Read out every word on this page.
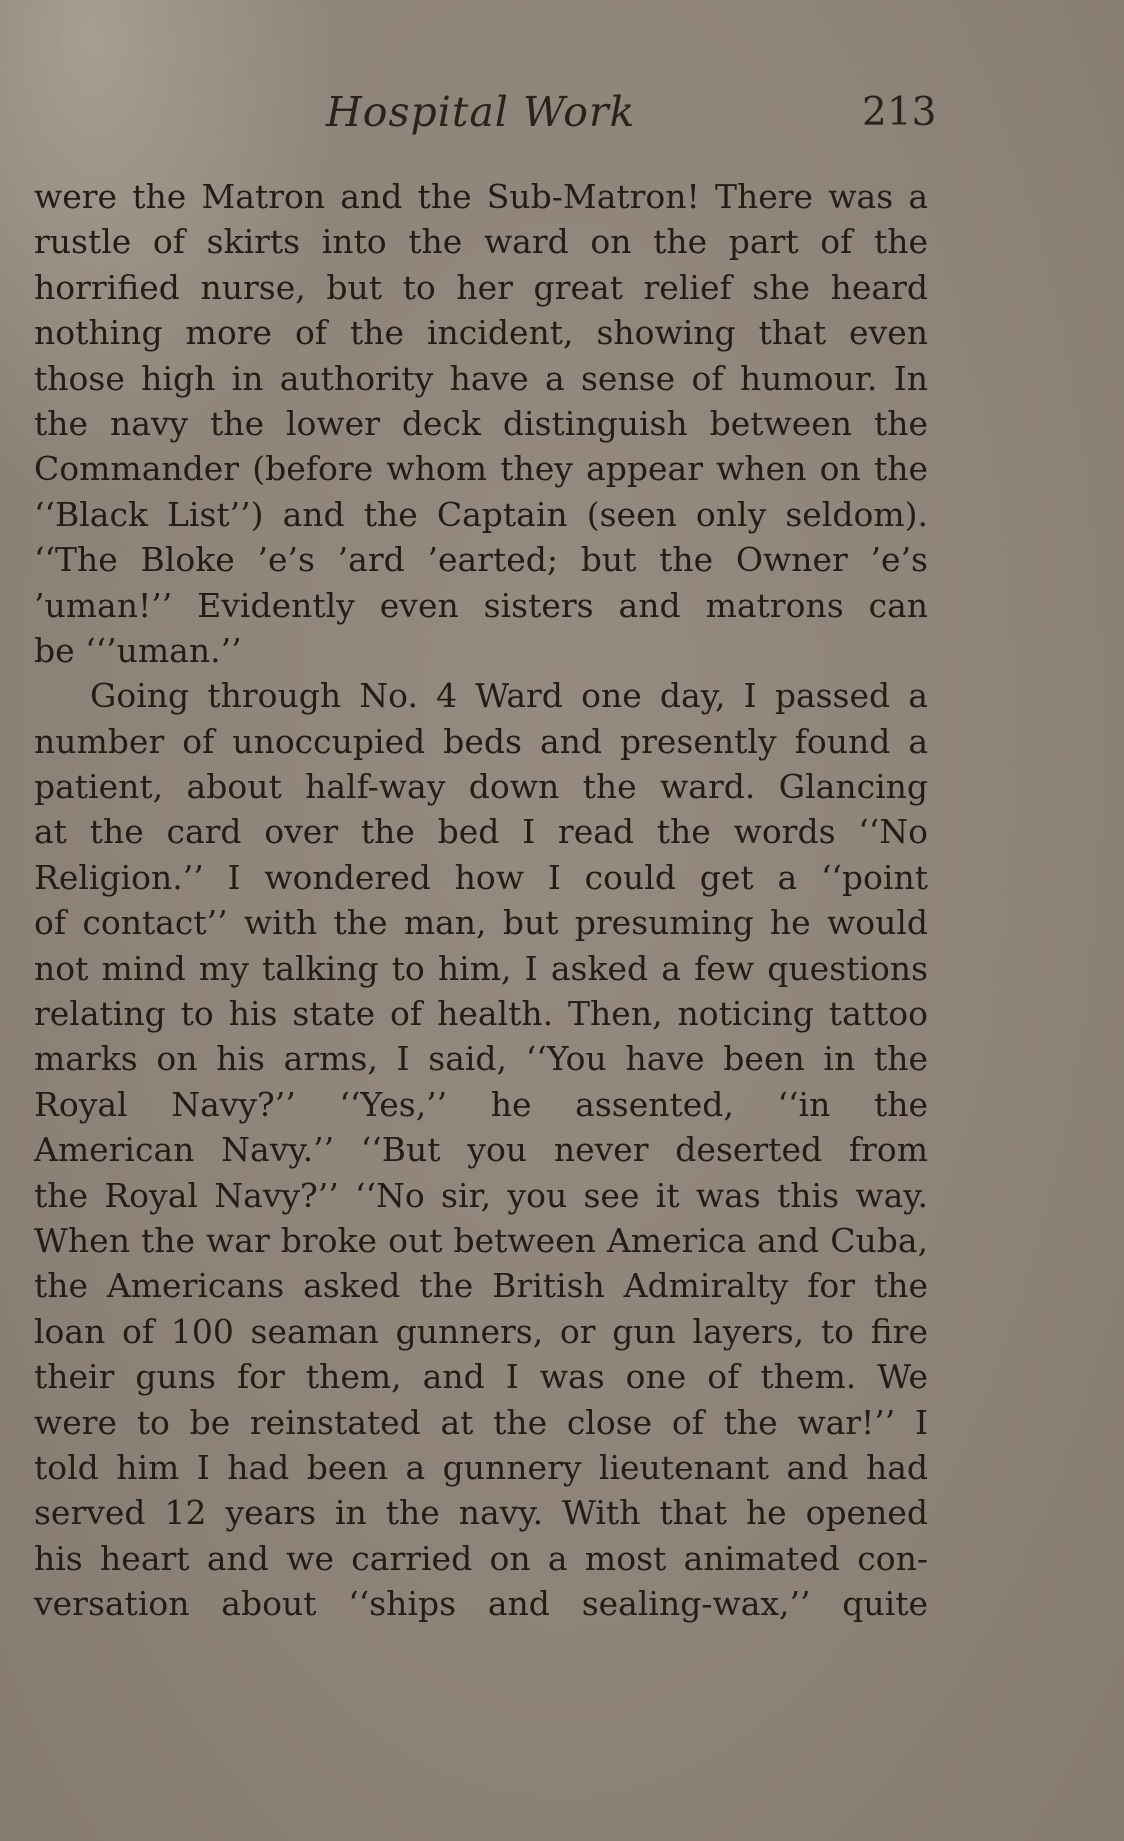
Hospital Work	213
were the Matron and the Sub-Matron! There was a
rustle of skirts into the ward on the part of the
horrified nurse, but to her great relief she heard
nothing more of the incident, showing that even
those high in authority have a sense of humour. In
the navy the lower deck distinguish between the
Commander (before whom they appear when on the
‘‘Black List’’) and the Captain (seen only seldom).
‘‘The Bloke ’e’s ’ard ’earted; but the Owner ’e’s
’uman!’’ Evidently even sisters and matrons can
be ‘‘’uman.’’
Going through No. 4 Ward one day, I passed a
number of unoccupied beds and presently found a
patient, about half-way down the ward. Glancing
at the card over the bed I read the words ‘‘No
Religion.’’ I wondered how I could get a ‘‘point
of contact’’ with the man, but presuming he would
not mind my talking to him, I asked a few questions
relating to his state of health. Then, noticing tattoo
marks on his arms, I said, ‘‘You have been in the
Royal Navy?’’ ‘‘Yes,’’ he assented, ‘‘in the
American Navy.’’ ‘‘But you never deserted from
the Royal Navy?’’ ‘‘No sir, you see it was this way.
When the war broke out between America and Cuba,
the Americans asked the British Admiralty for the
loan of 100 seaman gunners, or gun layers, to fire
their guns for them, and I was one of them. We
were to be reinstated at the close of the war!’’ I
told him I had been a gunnery lieutenant and had
served 12 years in the navy. With that he opened
his heart and we carried on a most animated con-
versation about ‘‘ships and sealing-wax,’’ quite
